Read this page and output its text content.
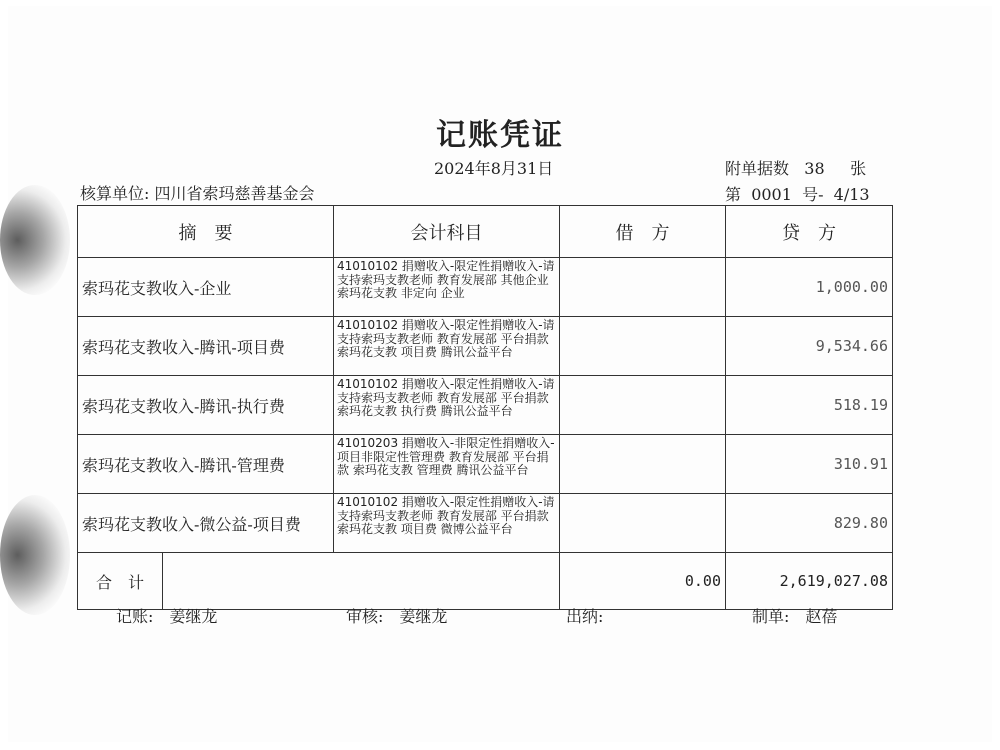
记账凭证
2024年8月31日	附单据数 38 张
第 0001 号- 4/13
核算单位: 四川省索玛慈善基金会
摘　要		会计科目	借　方	贷　方
索玛花支教收入-企业		41010102 捐赠收入-限定性捐赠收入-请支持索玛支教老师 教育发展部 其他企业 索玛花支教 非定向 企业		1,000.00
索玛花支教收入-腾讯-项目费		41010102 捐赠收入-限定性捐赠收入-请支持索玛支教老师 教育发展部 平台捐款 索玛花支教 项目费 腾讯公益平台		9,534.66
索玛花支教收入-腾讯-执行费		41010102 捐赠收入-限定性捐赠收入-请支持索玛支教老师 教育发展部 平台捐款 索玛花支教 执行费 腾讯公益平台		518.19
索玛花支教收入-腾讯-管理费		41010203 捐赠收入-非限定性捐赠收入-项目非限定性管理费 教育发展部 平台捐款 索玛花支教 管理费 腾讯公益平台		310.91
索玛花支教收入-微公益-项目费		41010102 捐赠收入-限定性捐赠收入-请支持索玛支教老师 教育发展部 平台捐款 索玛花支教 项目费 微博公益平台		829.80
合　计			0.00	2,619,027.08
记账:　姜继龙	审核:　姜继龙	出纳:	制单:　赵蓓
